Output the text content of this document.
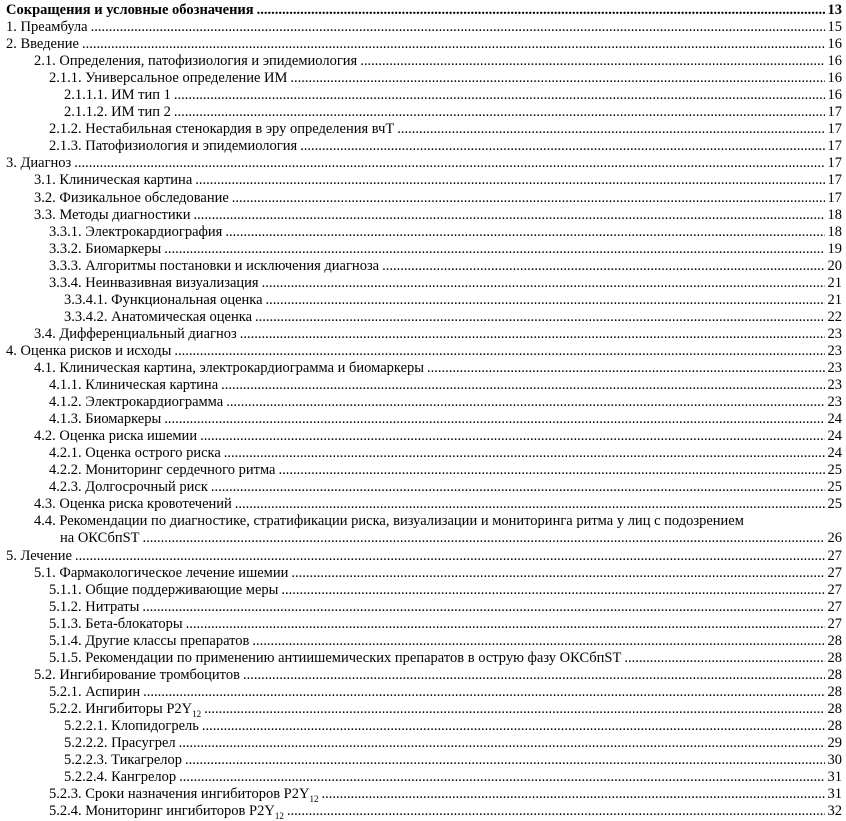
Сокращения и условные обозначения .....	13
1. Преамбула .....	15
2. Введение .....	16
2.1. Определения, патофизиология и эпидемиология .....	16
2.1.1. Универсальное определение ИМ .....	16
2.1.1.1. ИМ тип 1 .....	16
2.1.1.2. ИМ тип 2 .....	17
2.1.2. Нестабильная стенокардия в эру определения вчТ .....	17
2.1.3. Патофизиология и эпидемиология .....	17
3. Диагноз .....	17
3.1. Клиническая картина .....	17
3.2. Физикальное обследование .....	17
3.3. Методы диагностики .....	18
3.3.1. Электрокардиография .....	18
3.3.2. Биомаркеры .....	19
3.3.3. Алгоритмы постановки и исключения диагноза .....	20
3.3.4. Неинвазивная визуализация .....	21
3.3.4.1. Функциональная оценка .....	21
3.3.4.2. Анатомическая оценка .....	22
3.4. Дифференциальный диагноз .....	23
4. Оценка рисков и исходы .....	23
4.1. Клиническая картина, электрокардиограмма и биомаркеры .....	23
4.1.1. Клиническая картина .....	23
4.1.2. Электрокардиограмма .....	23
4.1.3. Биомаркеры .....	24
4.2. Оценка риска ишемии .....	24
4.2.1. Оценка острого риска .....	24
4.2.2. Мониторинг сердечного ритма .....	25
4.2.3. Долгосрочный риск .....	25
4.3. Оценка риска кровотечений .....	25
4.4. Рекомендации по диагностике, стратификации риска, визуализации и мониторинга ритма у лиц с подозрением
на ОКСбпST .....	26
5. Лечение .....	27
5.1. Фармакологическое лечение ишемии .....	27
5.1.1. Общие поддерживающие меры .....	27
5.1.2. Нитраты .....	27
5.1.3. Бета-блокаторы .....	27
5.1.4. Другие классы препаратов .....	28
5.1.5. Рекомендации по применению антиишемических препаратов в острую фазу ОКСбпST .....	28
5.2. Ингибирование тромбоцитов .....	28
5.2.1. Аспирин .....	28
5.2.2. Ингибиторы $P2Y_{12}$ .....	28
5.2.2.1. Клопидогрель .....	28
5.2.2.2. Прасугрел .....	29
5.2.2.3. Тикагрелор .....	30
5.2.2.4. Кангрелор .....	31
5.2.3. Сроки назначения ингибиторов $P2Y_{12}$ .....	31
5.2.4. Мониторинг ингибиторов $P2Y_{12}$ .....	32
